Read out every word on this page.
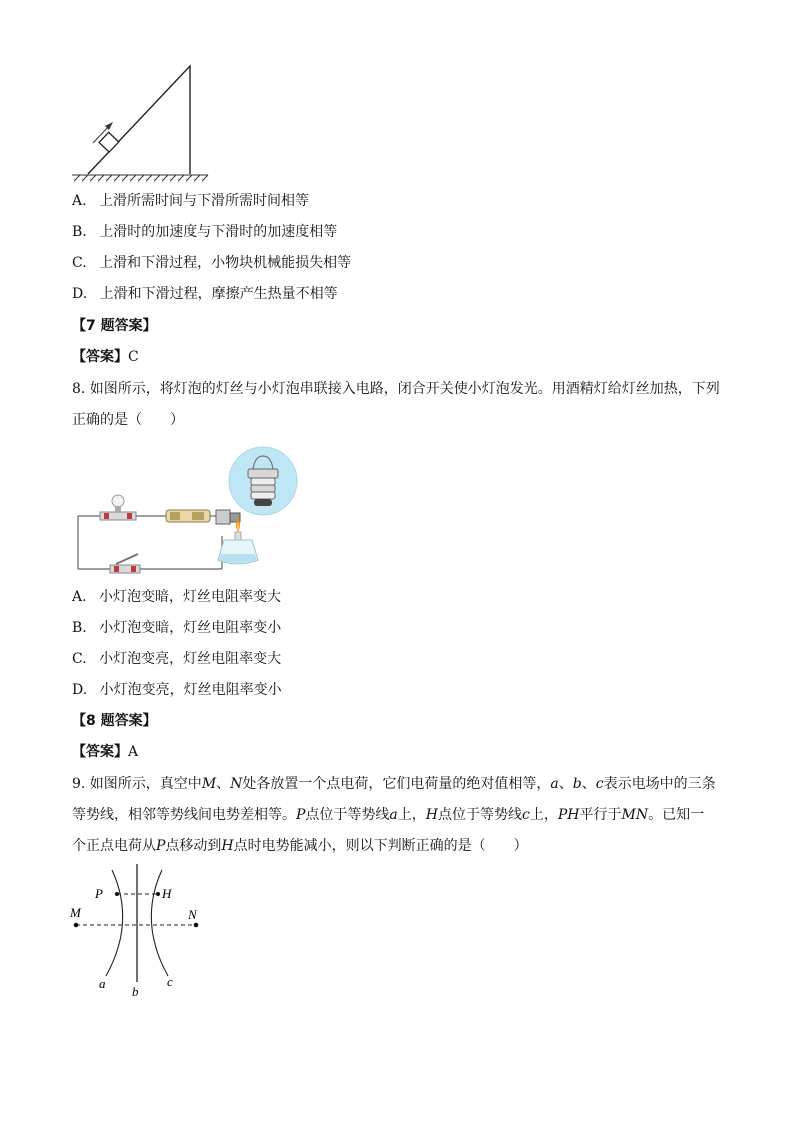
A. 上滑所需时间与下滑所需时间相等
B. 上滑时的加速度与下滑时的加速度相等
C. 上滑和下滑过程，小物块机械能损失相等
D. 上滑和下滑过程，摩擦产生热量不相等
【7 题答案】
【答案】C
8. 如图所示，将灯泡的灯丝与小灯泡串联接入电路，闭合开关使小灯泡发光。用酒精灯给灯丝加热，下列
正确的是（　　）
A. 小灯泡变暗，灯丝电阻率变大
B. 小灯泡变暗，灯丝电阻率变小
C. 小灯泡变亮，灯丝电阻率变大
D. 小灯泡变亮，灯丝电阻率变小
【8 题答案】
【答案】A
9. 如图所示，真空中M、N处各放置一个点电荷，它们电荷量的绝对值相等，a、b、c表示电场中的三条
等势线，相邻等势线间电势差相等。P点位于等势线a上，H点位于等势线c上，PH平行于MN。已知一
个正点电荷从P点移动到H点时电势能减小，则以下判断正确的是（　　）
P	H
M	N
a
b
c
